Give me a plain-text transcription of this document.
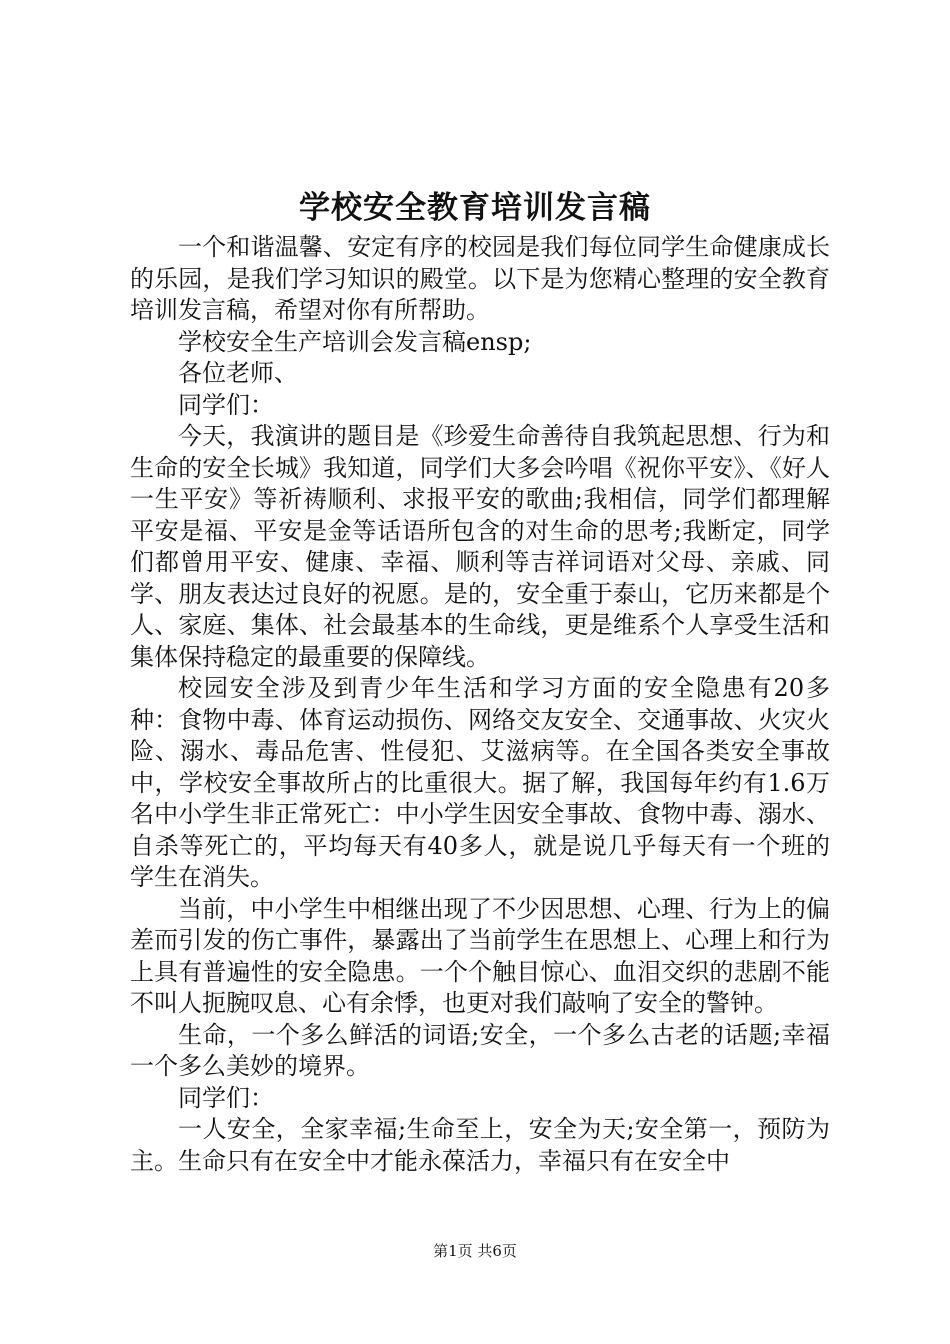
学校安全教育培训发言稿

一个和谐温馨、安定有序的校园是我们每位同学生命健康成长的乐园，是我们学习知识的殿堂。以下是为您精心整理的安全教育培训发言稿，希望对你有所帮助。

学校安全生产培训会发言稿ensp;

各位老师、

同学们：

今天，我演讲的题目是《珍爱生命善待自我筑起思想、行为和生命的安全长城》我知道，同学们大多会吟唱《祝你平安》、《好人一生平安》等祈祷顺利、求报平安的歌曲;我相信，同学们都理解平安是福、平安是金等话语所包含的对生命的思考;我断定，同学们都曾用平安、健康、幸福、顺利等吉祥词语对父母、亲戚、同学、朋友表达过良好的祝愿。是的，安全重于泰山，它历来都是个人、家庭、集体、社会最基本的生命线，更是维系个人享受生活和集体保持稳定的最重要的保障线。

校园安全涉及到青少年生活和学习方面的安全隐患有20多种：食物中毒、体育运动损伤、网络交友安全、交通事故、火灾火险、溺水、毒品危害、性侵犯、艾滋病等。在全国各类安全事故中，学校安全事故所占的比重很大。据了解，我国每年约有1.6万名中小学生非正常死亡：中小学生因安全事故、食物中毒、溺水、自杀等死亡的，平均每天有40多人，就是说几乎每天有一个班的学生在消失。

当前，中小学生中相继出现了不少因思想、心理、行为上的偏差而引发的伤亡事件，暴露出了当前学生在思想上、心理上和行为上具有普遍性的安全隐患。一个个触目惊心、血泪交织的悲剧不能不叫人扼腕叹息、心有余悸，也更对我们敲响了安全的警钟。

生命，一个多么鲜活的词语;安全，一个多么古老的话题;幸福一个多么美妙的境界。

同学们：

一人安全，全家幸福;生命至上，安全为天;安全第一，预防为主。生命只有在安全中才能永葆活力，幸福只有在安全中

第1页 共6页
